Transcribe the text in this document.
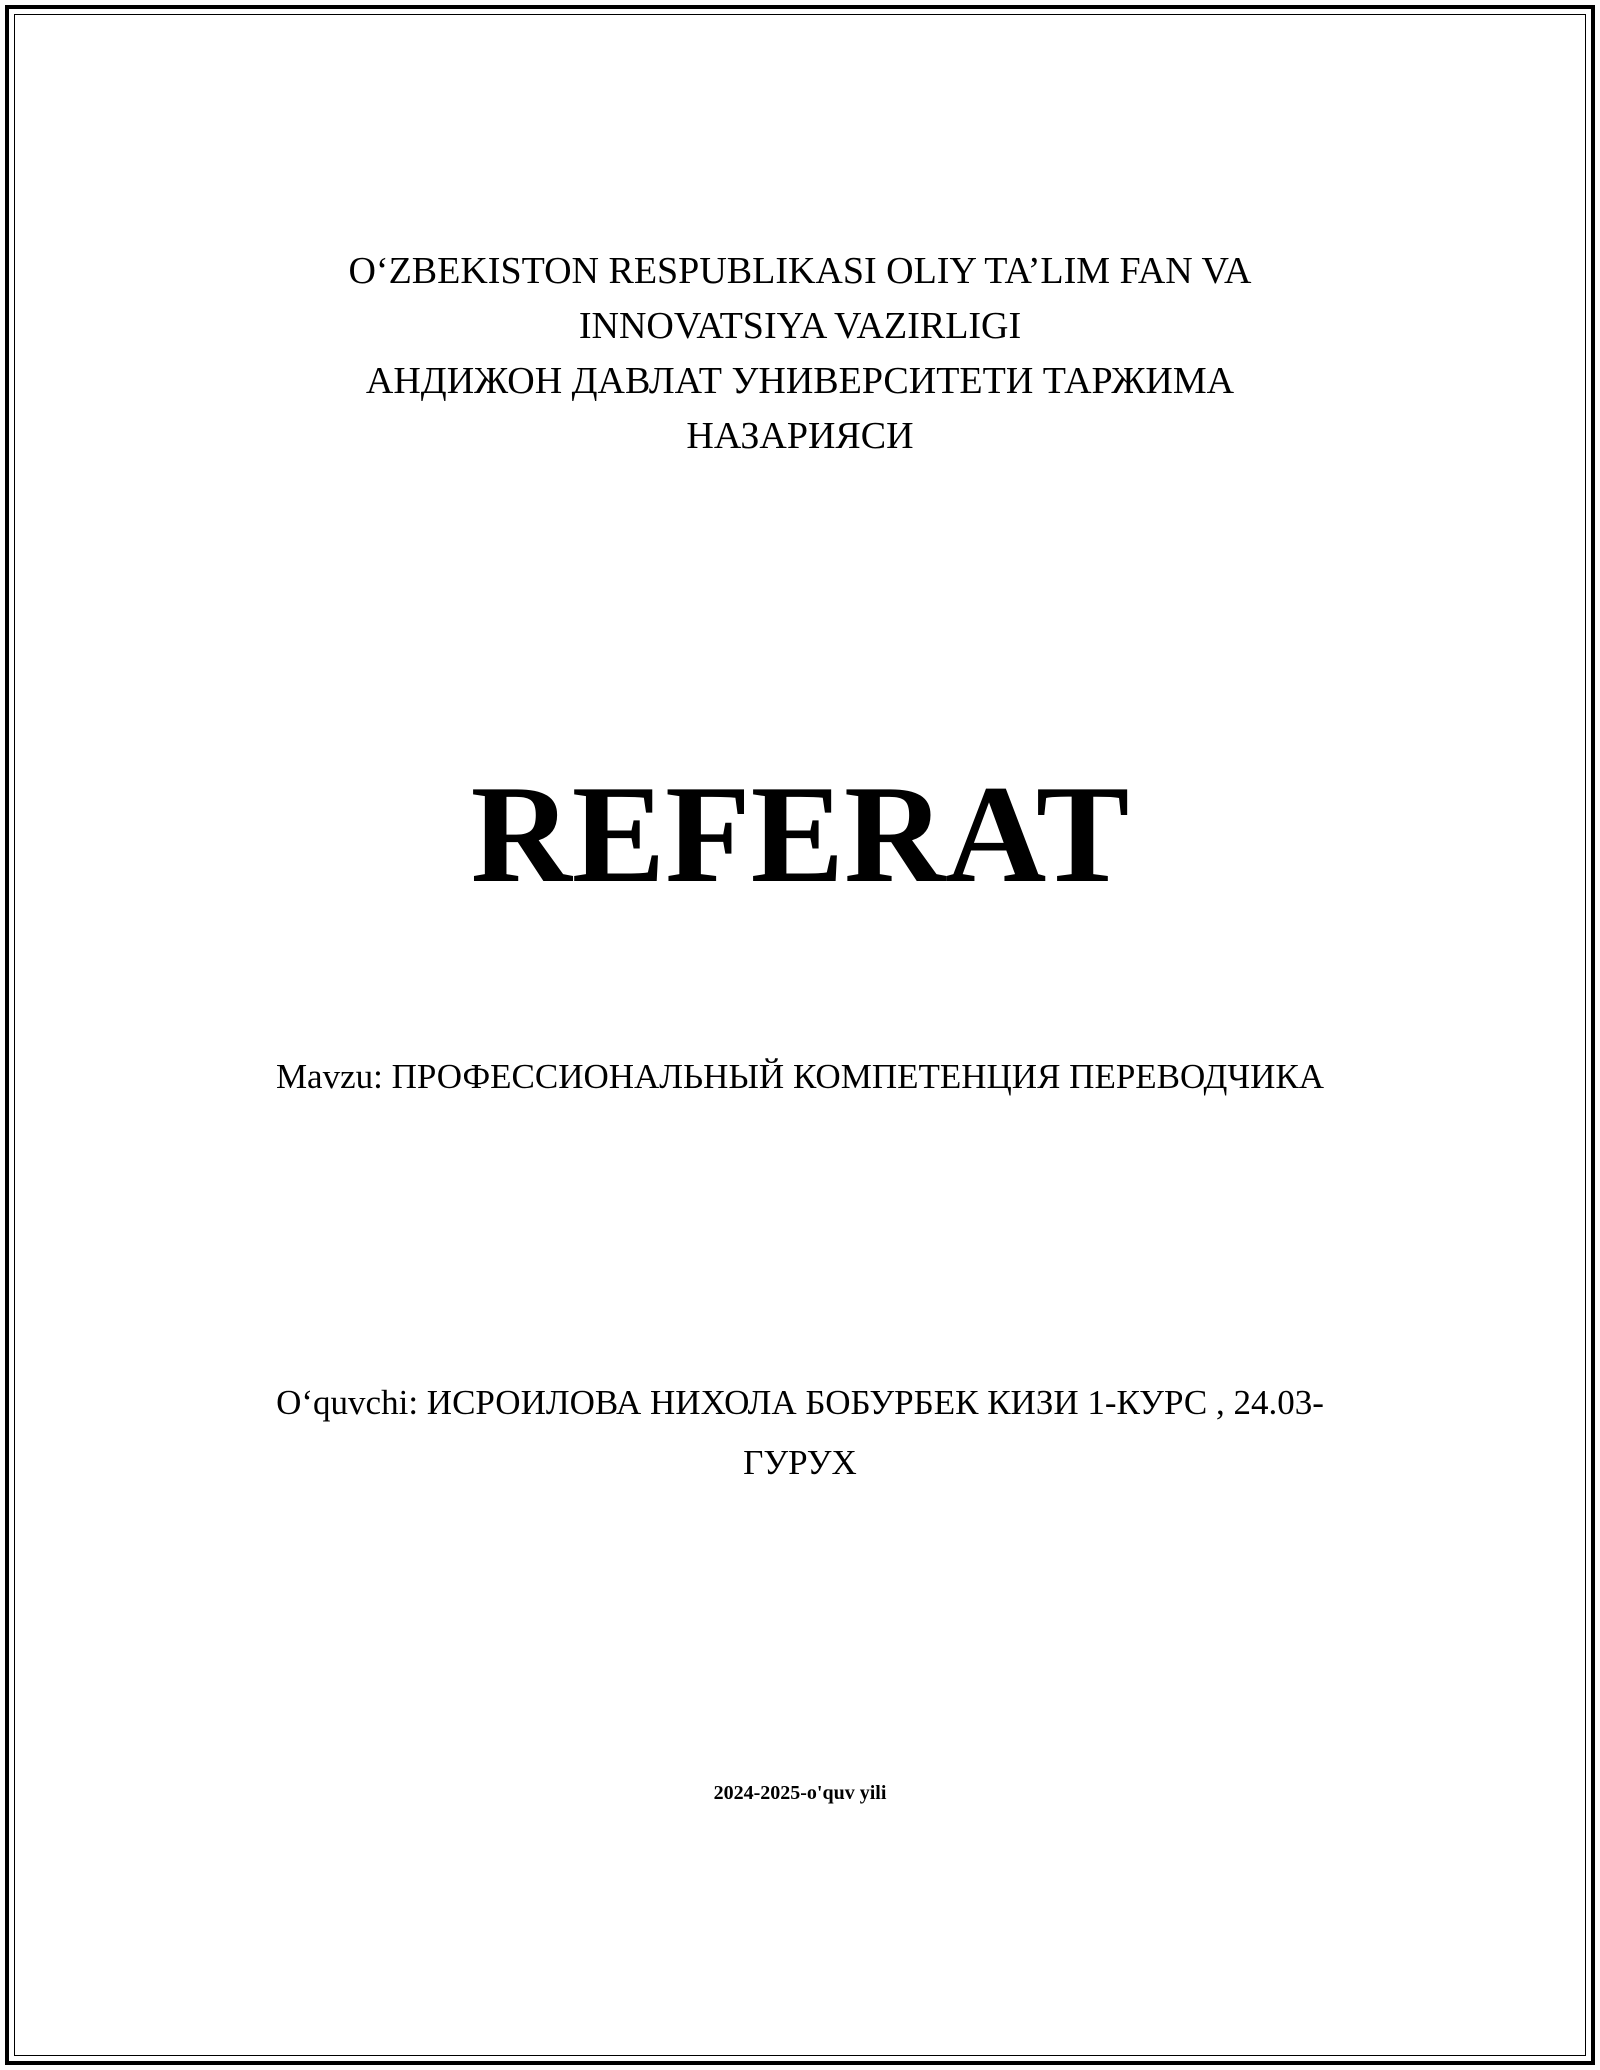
O‘ZBEKISTON RESPUBLIKASI OLIY TA’LIM FAN VA
INNOVATSIYA VAZIRLIGI
АНДИЖОН ДАВЛАТ УНИВЕРСИТЕТИ ТАРЖИМА
НАЗАРИЯСИ
REFERAT
Mavzu: ПРОФЕССИОНАЛЬНЫЙ КОМПЕТЕНЦИЯ ПЕРЕВОДЧИКА
O‘quvchi: ИСРОИЛОВА НИХОЛА БОБУРБЕК КИЗИ 1-КУРС , 24.03-ГУРУХ
2024-2025-o'quv yili
